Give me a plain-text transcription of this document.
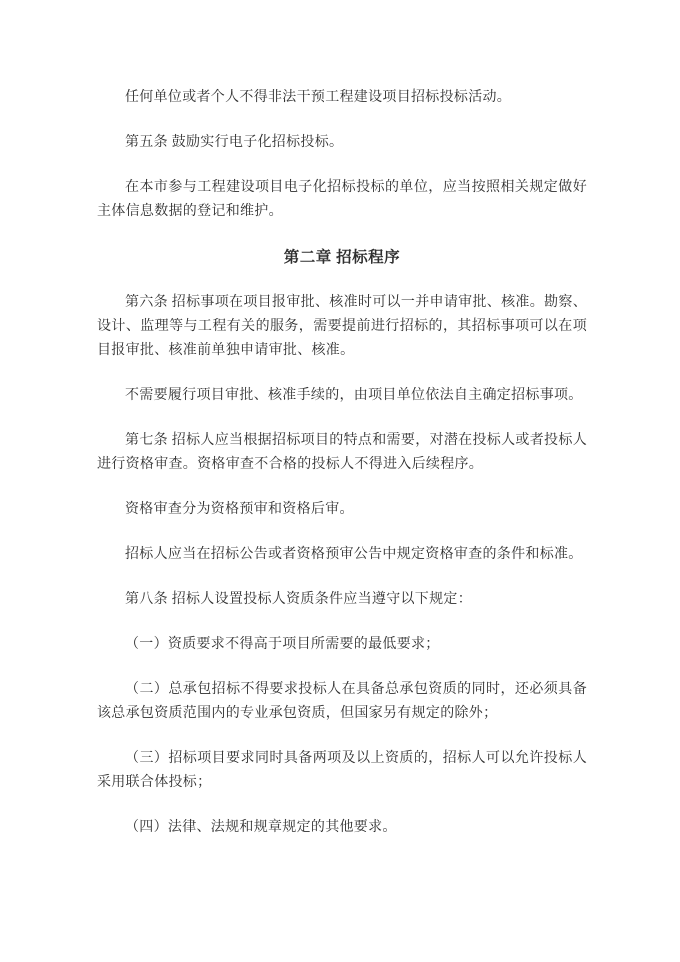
任何单位或者个人不得非法干预工程建设项目招标投标活动。

第五条 鼓励实行电子化招标投标。

在本市参与工程建设项目电子化招标投标的单位，应当按照相关规定做好主体信息数据的登记和维护。

第二章 招标程序

第六条 招标事项在项目报审批、核准时可以一并申请审批、核准。勘察、设计、监理等与工程有关的服务，需要提前进行招标的，其招标事项可以在项目报审批、核准前单独申请审批、核准。

不需要履行项目审批、核准手续的，由项目单位依法自主确定招标事项。

第七条 招标人应当根据招标项目的特点和需要，对潜在投标人或者投标人进行资格审查。资格审查不合格的投标人不得进入后续程序。

资格审查分为资格预审和资格后审。

招标人应当在招标公告或者资格预审公告中规定资格审查的条件和标准。

第八条 招标人设置投标人资质条件应当遵守以下规定：

（一）资质要求不得高于项目所需要的最低要求；

（二）总承包招标不得要求投标人在具备总承包资质的同时，还必须具备该总承包资质范围内的专业承包资质，但国家另有规定的除外；

（三）招标项目要求同时具备两项及以上资质的，招标人可以允许投标人采用联合体投标；

（四）法律、法规和规章规定的其他要求。
